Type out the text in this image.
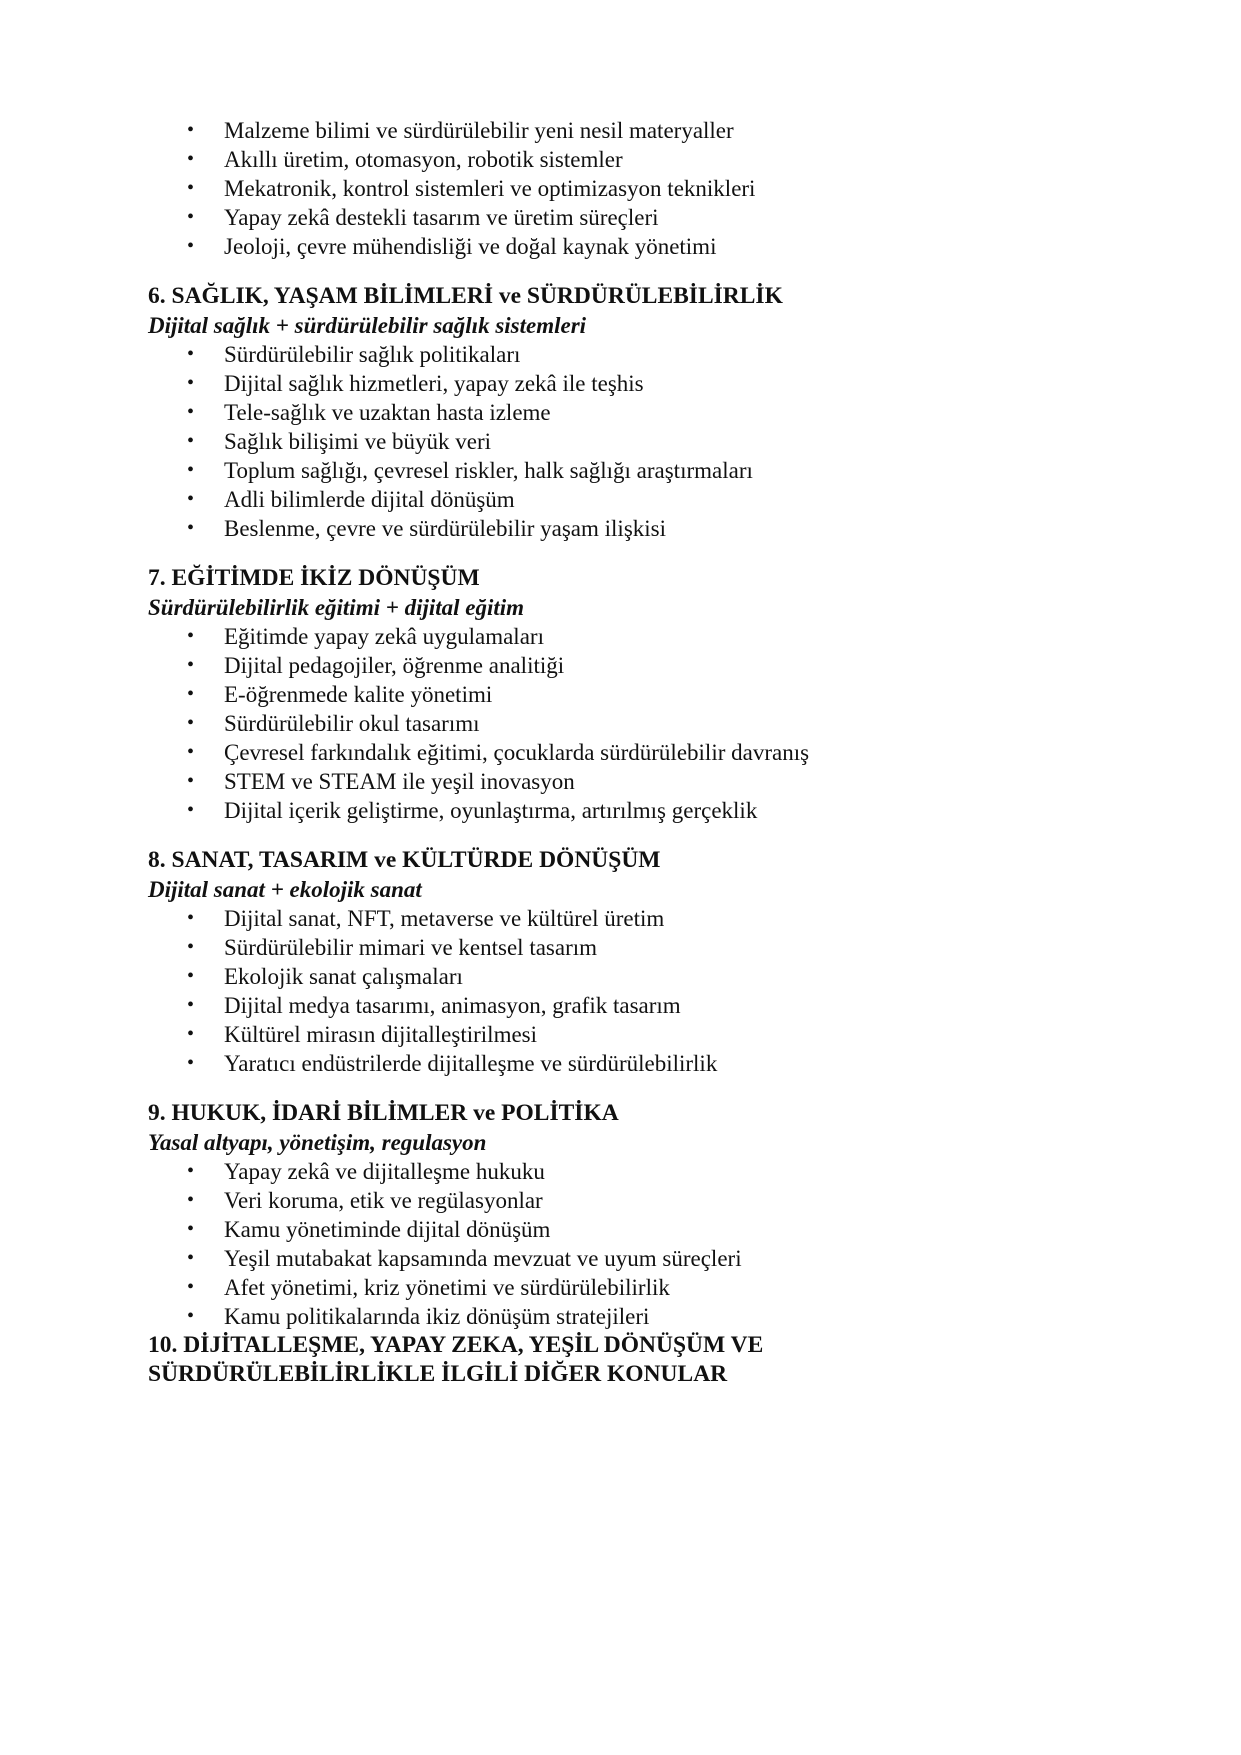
• Malzeme bilimi ve sürdürülebilir yeni nesil materyaller
• Akıllı üretim, otomasyon, robotik sistemler
• Mekatronik, kontrol sistemleri ve optimizasyon teknikleri
• Yapay zekâ destekli tasarım ve üretim süreçleri
• Jeoloji, çevre mühendisliği ve doğal kaynak yönetimi
6. SAĞLIK, YAŞAM BİLİMLERİ ve SÜRDÜRÜLEBİLİRLİK

Dijital sağlık + sürdürülebilir sağlık sistemleri

• Sürdürülebilir sağlık politikaları
• Dijital sağlık hizmetleri, yapay zekâ ile teşhis
• Tele-sağlık ve uzaktan hasta izleme
• Sağlık bilişimi ve büyük veri
• Toplum sağlığı, çevresel riskler, halk sağlığı araştırmaları
• Adli bilimlerde dijital dönüşüm
• Beslenme, çevre ve sürdürülebilir yaşam ilişkisi
7. EĞİTİMDE İKİZ DÖNÜŞÜM

Sürdürülebilirlik eğitimi + dijital eğitim

• Eğitimde yapay zekâ uygulamaları
• Dijital pedagojiler, öğrenme analitiği
• E-öğrenmede kalite yönetimi
• Sürdürülebilir okul tasarımı
• Çevresel farkındalık eğitimi, çocuklarda sürdürülebilir davranış
• STEM ve STEAM ile yeşil inovasyon
• Dijital içerik geliştirme, oyunlaştırma, artırılmış gerçeklik
8. SANAT, TASARIM ve KÜLTÜRDE DÖNÜŞÜM

Dijital sanat + ekolojik sanat

• Dijital sanat, NFT, metaverse ve kültürel üretim
• Sürdürülebilir mimari ve kentsel tasarım
• Ekolojik sanat çalışmaları
• Dijital medya tasarımı, animasyon, grafik tasarım
• Kültürel mirasın dijitalleştirilmesi
• Yaratıcı endüstrilerde dijitalleşme ve sürdürülebilirlik
9. HUKUK, İDARİ BİLİMLER ve POLİTİKA

Yasal altyapı, yönetişim, regulasyon

• Yapay zekâ ve dijitalleşme hukuku
• Veri koruma, etik ve regülasyonlar
• Kamu yönetiminde dijital dönüşüm
• Yeşil mutabakat kapsamında mevzuat ve uyum süreçleri
• Afet yönetimi, kriz yönetimi ve sürdürülebilirlik
• Kamu politikalarında ikiz dönüşüm stratejileri
10. DİJİTALLEŞME, YAPAY ZEKA, YEŞİL DÖNÜŞÜM VE
SÜRDÜRÜLEBİLİRLİKLE İLGİLİ DİĞER KONULAR
